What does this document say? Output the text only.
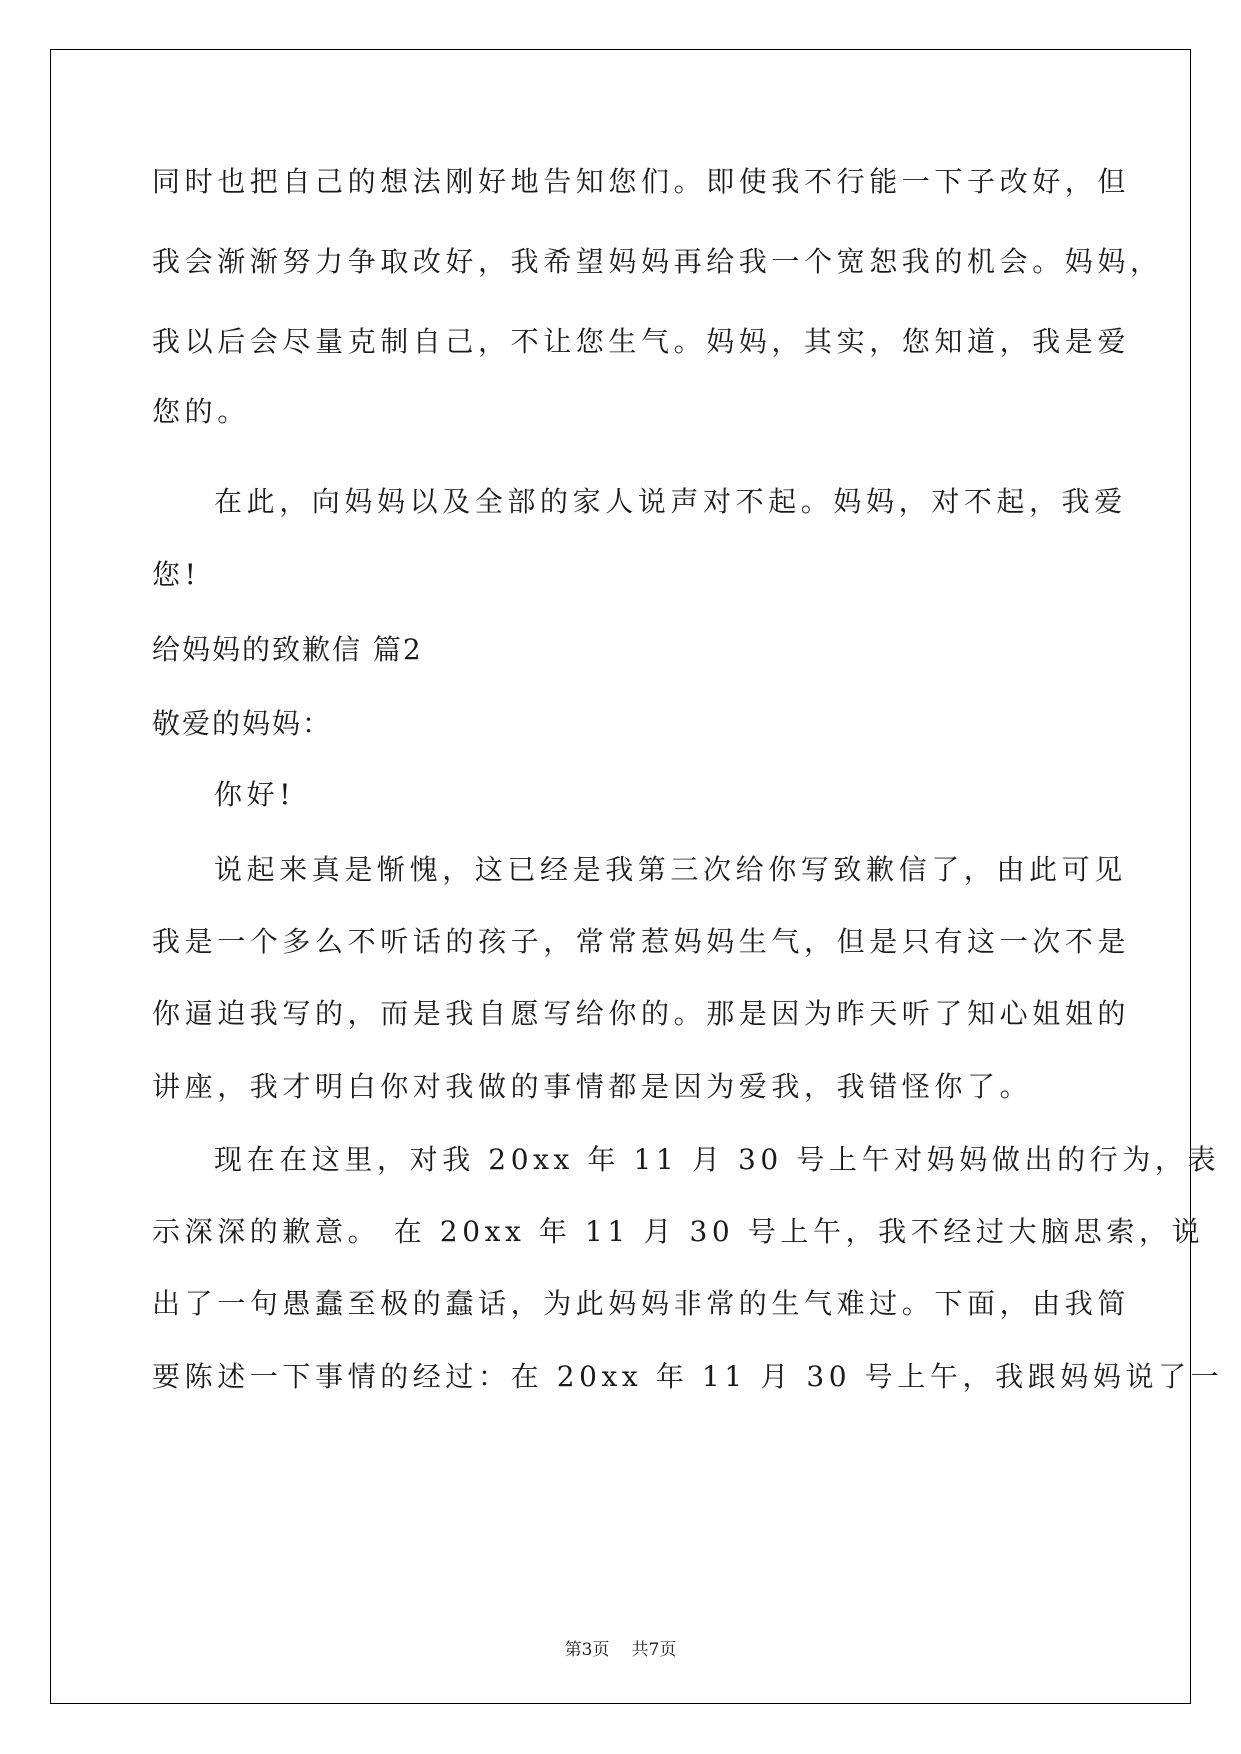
同时也把自己的想法刚好地告知您们。即使我不行能一下子改好，但
我会渐渐努力争取改好，我希望妈妈再给我一个宽恕我的机会。妈妈，
我以后会尽量克制自己，不让您生气。妈妈，其实，您知道，我是爱
您的。
在此，向妈妈以及全部的家人说声对不起。妈妈，对不起，我爱
您!
给妈妈的致歉信 篇2
敬爱的妈妈：
你好!
说起来真是惭愧，这已经是我第三次给你写致歉信了，由此可见
我是一个多么不听话的孩子，常常惹妈妈生气，但是只有这一次不是
你逼迫我写的，而是我自愿写给你的。那是因为昨天听了知心姐姐的
讲座，我才明白你对我做的事情都是因为爱我，我错怪你了。
现在在这里，对我 20xx 年 11 月 30 号上午对妈妈做出的行为，表
示深深的歉意。 在 20xx 年 11 月 30 号上午，我不经过大脑思索，说
出了一句愚蠢至极的蠢话，为此妈妈非常的生气难过。下面，由我简
要陈述一下事情的经过：在 20xx 年 11 月 30 号上午，我跟妈妈说了一
第3页 共7页
